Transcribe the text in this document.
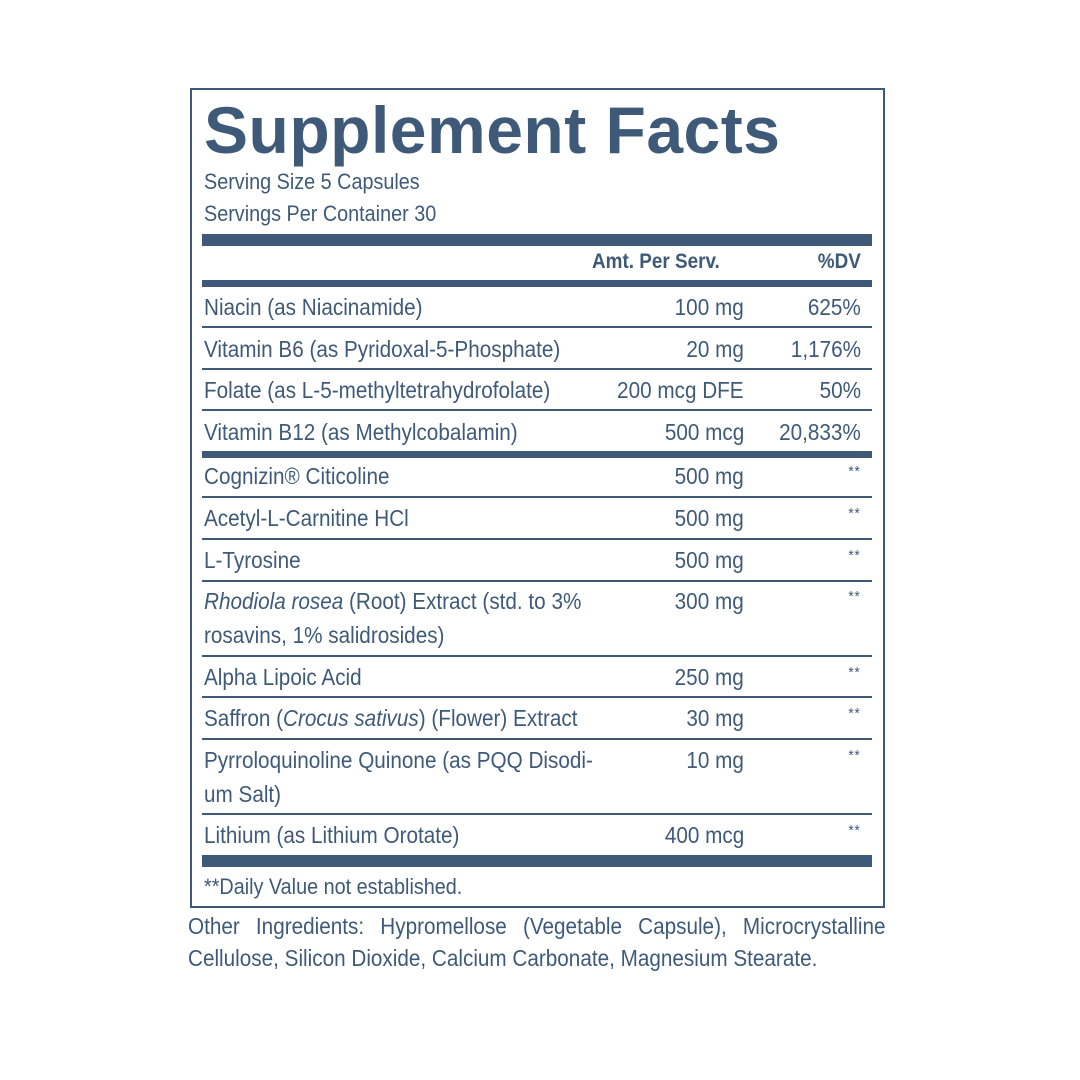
Supplement Facts
Serving Size 5 Capsules
Servings Per Container 30
Amt. Per Serv.	%DV
Niacin (as Niacinamide)	100 mg	625%
Vitamin B6 (as Pyridoxal-5-Phosphate)	20 mg 1,176%
Folate (as L-5-methyltetrahydrofolate)	200 mcg DFE	50%
Vitamin B12 (as Methylcobalamin)	500 mcg 20,833%
Cognizin® Citicoline	500 mg	**
Acetyl-L-Carnitine HCl	500 mg	**
L-Tyrosine	500 mg	**
Rhodiola rosea (Root) Extract (std. to 3%	300 mg	**
rosavins, 1% salidrosides)
Alpha Lipoic Acid	250 mg	**
Saffron (Crocus sativus) (Flower) Extract	30 mg	**
Pyrroloquinoline Quinone (as PQQ Disodi-	10 mg	**
um Salt)
Lithium (as Lithium Orotate)	400 mcg	**
**Daily Value not established.
Other Ingredients: Hypromellose (Vegetable Capsule), Microcrystalline Cellulose, Silicon Dioxide, Calcium Carbonate, Magnesium Stearate.
